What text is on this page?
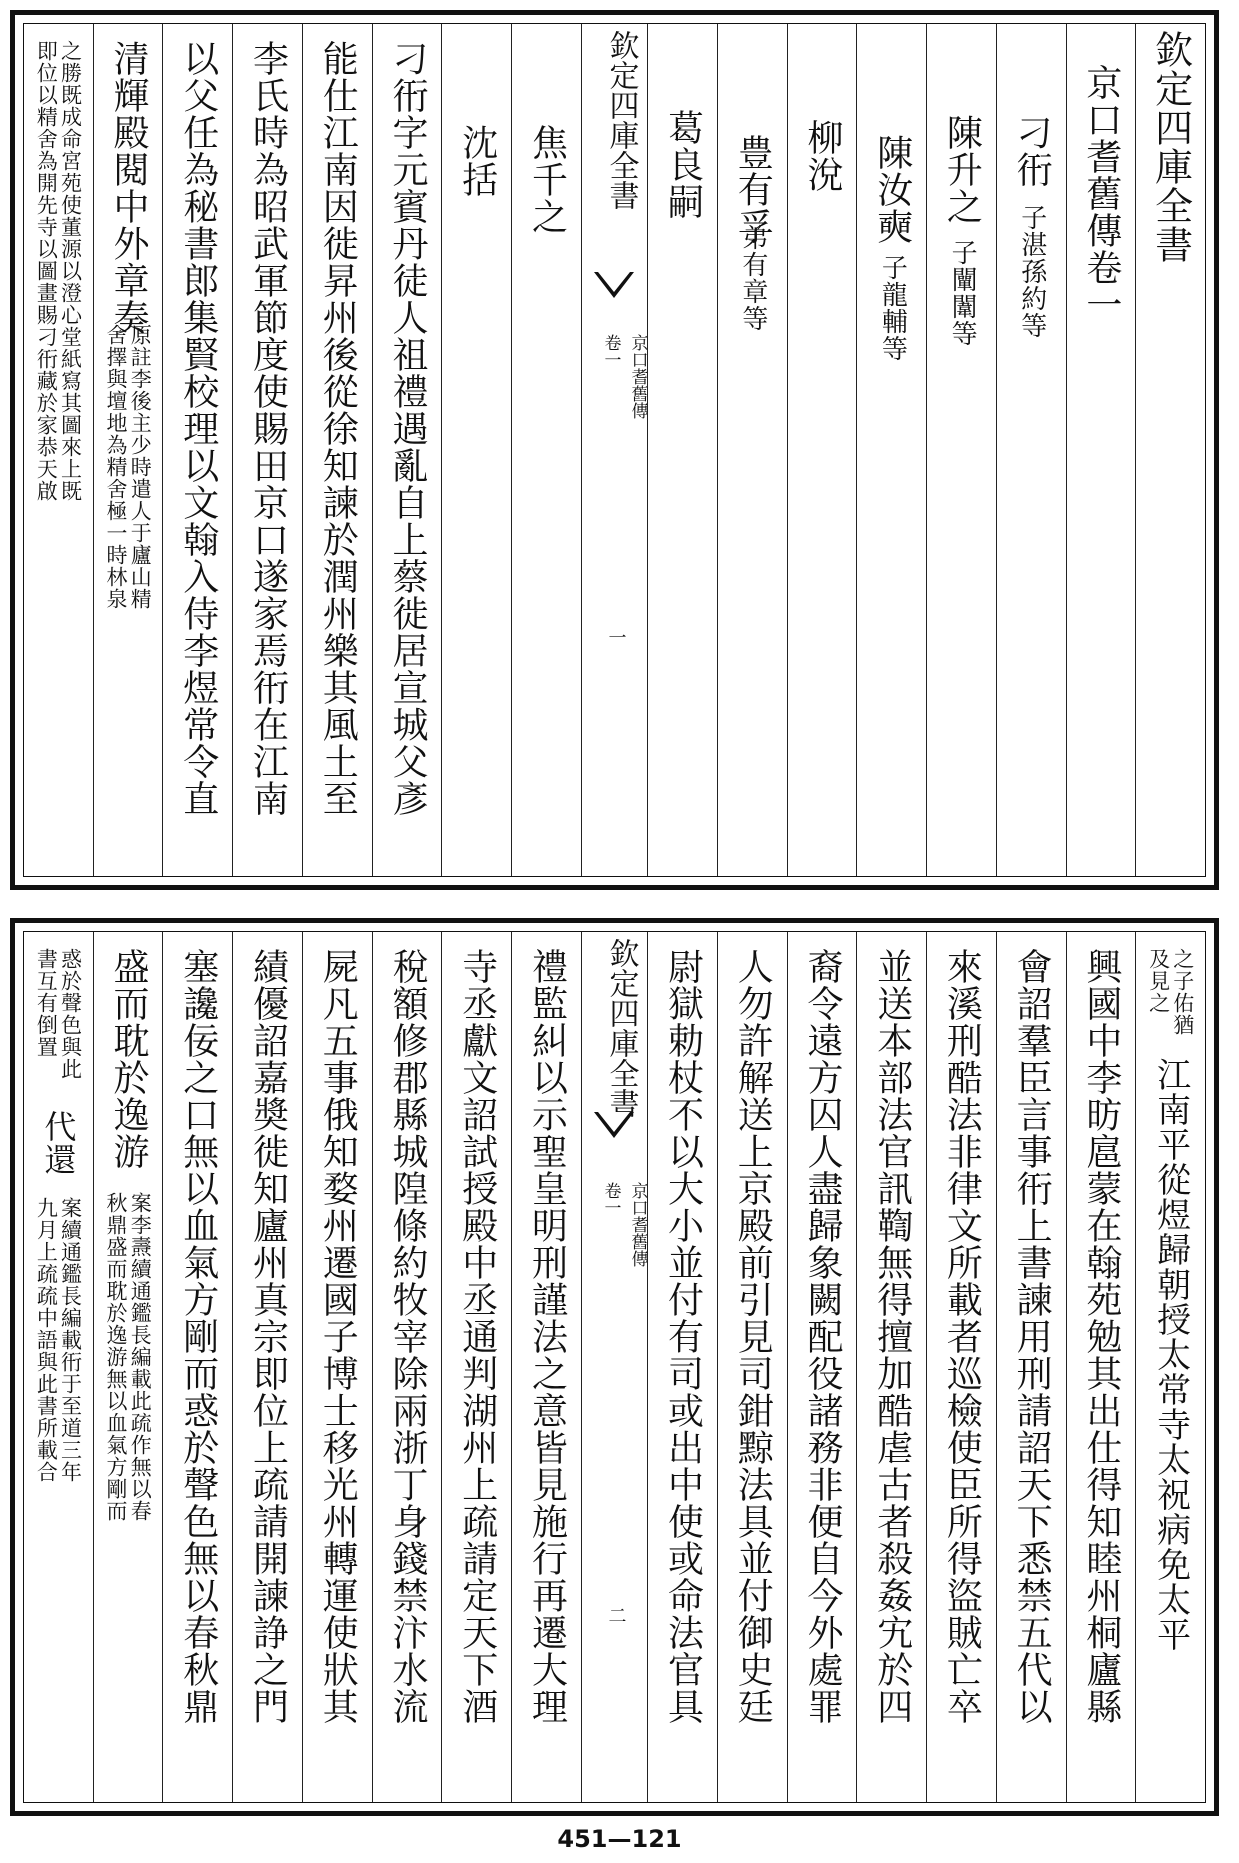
欽定四庫全書
京口耆舊傳卷一
刁衎
子湛孫約等
陳升之
子闡闈等
陳汝奭
子龍輔等
柳涗
豊有孚
弟有章等
葛良嗣
欽定四庫全書
京口耆舊傳
卷一
一
焦千之
沈括
刁衎字元賓丹徒人祖禮遇亂自上蔡徙居宣城父彥
能仕江南因徙昇州後從徐知諫於潤州樂其風土至
李氏時為昭武軍節度使賜田京口遂家焉衎在江南
以父任為秘書郎集賢校理以文翰入侍李煜常令直
清輝殿閱中外章奏
原註李後主少時遣人于廬山精
舍擇與壇地為精舍極一時林泉
之勝既成命宮苑使董源以澄心堂紙寫其圖來上既
即位以精舍為開先寺以圖畫賜刁衎藏於家恭天啟
之子佑猶
及見之
江南平從煜歸朝授太常寺太祝病免太平
興國中李昉扈蒙在翰苑勉其出仕得知睦州桐廬縣
會詔羣臣言事衎上書諫用刑請詔天下悉禁五代以
來溪刑酷法非律文所載者巡檢使臣所得盜賊亡卒
並送本部法官訊鞫無得擅加酷虐古者殺姦宄於四
裔令遠方囚人盡歸象闕配役諸務非便自今外處罪
人勿許解送上京殿前引見司鉗黥法具並付御史廷
尉獄勅杖不以大小並付有司或出中使或命法官具
欽定四庫全書
京口耆舊傳
卷一
二
禮監糾以示聖皇明刑謹法之意皆見施行再遷大理
寺丞獻文詔試授殿中丞通判湖州上疏請定天下酒
稅額修郡縣城隍條約牧宰除兩浙丁身錢禁汴水流
屍凡五事俄知婺州遷國子博士移光州轉運使狀其
績優詔嘉奬徙知廬州真宗即位上疏請開諫諍之門
塞讒佞之口無以血氣方剛而惑於聲色無以春秋鼎
盛而耽於逸游
案李燾續通鑑長編載此疏作無以春
秋鼎盛而耽於逸游無以血氣方剛而
惑於聲色與此
書互有倒置
代還
案續通鑑長編載衎于至道三年
九月上疏疏中語與此書所載合
451—121
